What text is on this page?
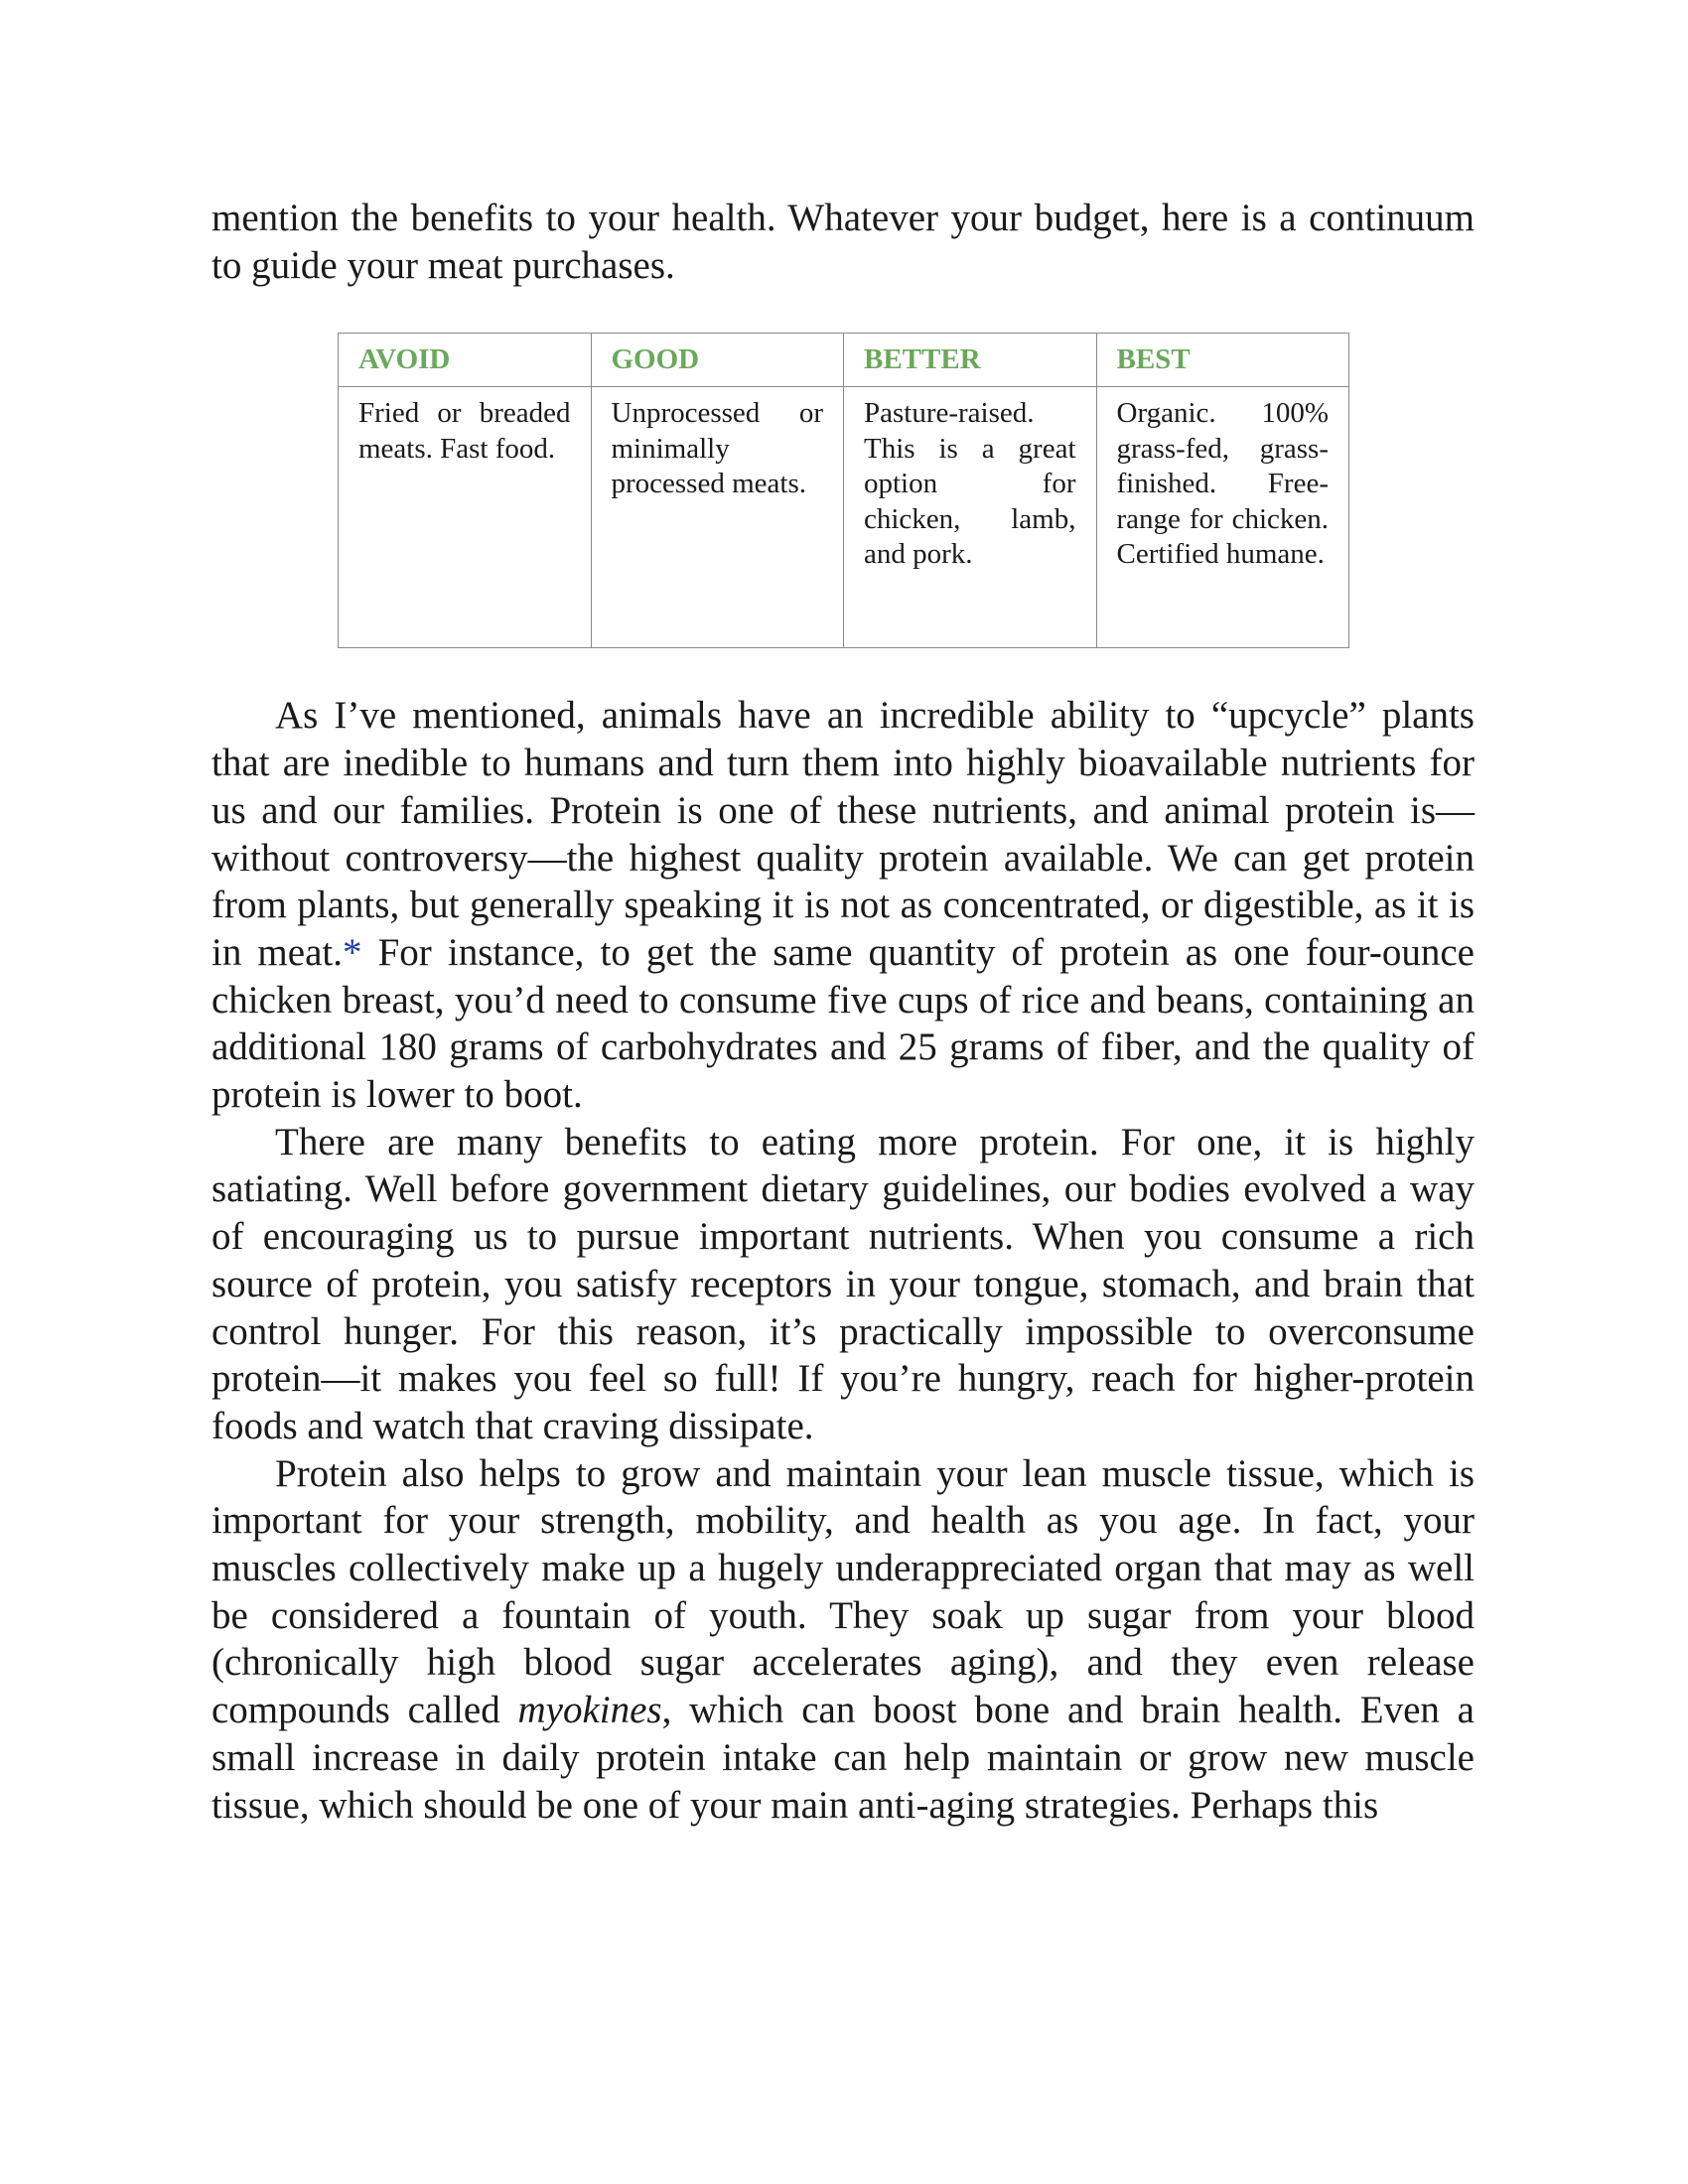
mention the benefits to your health. Whatever your budget, here is a continuum to guide your meat purchases.

AVOID	GOOD	BETTER	BEST
Fried or breaded meats. Fast food.	Unprocessed or minimally processed meats.	Pasture-raised. This is a great option for chicken, lamb, and pork.	Organic. 100% grass-fed, grass-finished. Free-range for chicken. Certified humane.

As I’ve mentioned, animals have an incredible ability to “upcycle” plants that are inedible to humans and turn them into highly bioavailable nutrients for us and our families. Protein is one of these nutrients, and animal protein is—without controversy—the highest quality protein available. We can get protein from plants, but generally speaking it is not as concentrated, or digestible, as it is in meat.* For instance, to get the same quantity of protein as one four-ounce chicken breast, you’d need to consume five cups of rice and beans, containing an additional 180 grams of carbohydrates and 25 grams of fiber, and the quality of protein is lower to boot.

There are many benefits to eating more protein. For one, it is highly satiating. Well before government dietary guidelines, our bodies evolved a way of encouraging us to pursue important nutrients. When you consume a rich source of protein, you satisfy receptors in your tongue, stomach, and brain that control hunger. For this reason, it’s practically impossible to overconsume protein—it makes you feel so full! If you’re hungry, reach for higher-protein foods and watch that craving dissipate.

Protein also helps to grow and maintain your lean muscle tissue, which is important for your strength, mobility, and health as you age. In fact, your muscles collectively make up a hugely underappreciated organ that may as well be considered a fountain of youth. They soak up sugar from your blood (chronically high blood sugar accelerates aging), and they even release compounds called myokines, which can boost bone and brain health. Even a small increase in daily protein intake can help maintain or grow new muscle tissue, which should be one of your main anti-aging strategies. Perhaps this
